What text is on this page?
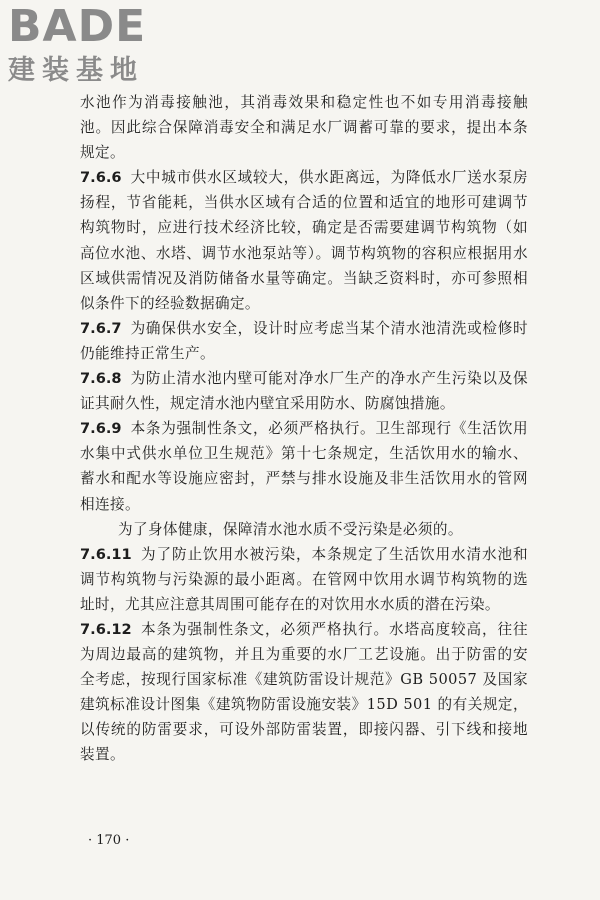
BADE
建装基地

水池作为消毒接触池，其消毒效果和稳定性也不如专用消毒接触池。因此综合保障消毒安全和满足水厂调蓄可靠的要求，提出本条规定。

7.6.6 大中城市供水区域较大，供水距离远，为降低水厂送水泵房扬程，节省能耗，当供水区域有合适的位置和适宜的地形可建调节构筑物时，应进行技术经济比较，确定是否需要建调节构筑物（如高位水池、水塔、调节水池泵站等）。调节构筑物的容积应根据用水区域供需情况及消防储备水量等确定。当缺乏资料时，亦可参照相似条件下的经验数据确定。

7.6.7 为确保供水安全，设计时应考虑当某个清水池清洗或检修时仍能维持正常生产。

7.6.8 为防止清水池内壁可能对净水厂生产的净水产生污染以及保证其耐久性，规定清水池内壁宜采用防水、防腐蚀措施。

7.6.9 本条为强制性条文，必须严格执行。卫生部现行《生活饮用水集中式供水单位卫生规范》第十七条规定，生活饮用水的输水、蓄水和配水等设施应密封，严禁与排水设施及非生活饮用水的管网相连接。

为了身体健康，保障清水池水质不受污染是必须的。

7.6.11 为了防止饮用水被污染，本条规定了生活饮用水清水池和调节构筑物与污染源的最小距离。在管网中饮用水调节构筑物的选址时，尤其应注意其周围可能存在的对饮用水水质的潜在污染。

7.6.12 本条为强制性条文，必须严格执行。水塔高度较高，往往为周边最高的建筑物，并且为重要的水厂工艺设施。出于防雷的安全考虑，按现行国家标准《建筑防雷设计规范》GB 50057 及国家建筑标准设计图集《建筑物防雷设施安装》15D 501 的有关规定，以传统的防雷要求，可设外部防雷装置，即接闪器、引下线和接地装置。

· 170 ·
